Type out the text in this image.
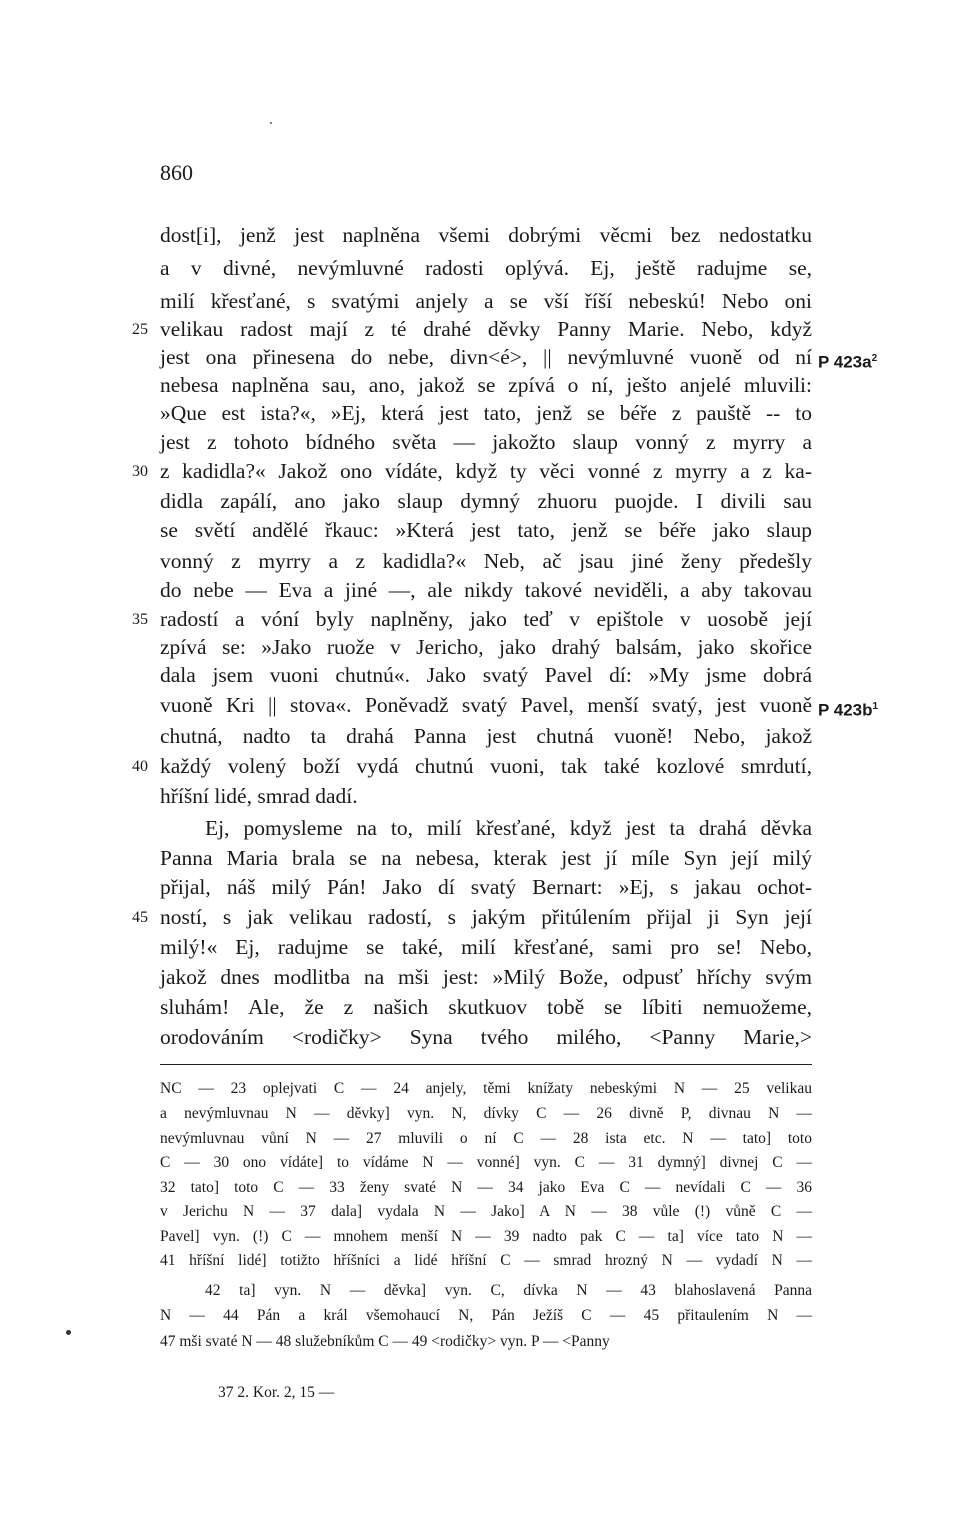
860
dost[i], jenž jest naplněna všemi dobrými věcmi bez nedostatku
a v divné, nevýmluvné radosti oplývá. Ej, ještě radujme se,
milí křesťané, s svatými anjely a se vší říší nebeskú! Nebo oni
velikau radost mají z té drahé děvky Panny Marie. Nebo, když
jest ona přinesena do nebe, divn<é>, || nevýmluvné vuoně od ní
nebesa naplněna sau, ano, jakož se zpívá o ní, ješto anjelé mluvili:
»Que est ista?«, »Ej, která jest tato, jenž se béře z pauště -- to
jest z tohoto bídného světa — jakožto slaup vonný z myrry a
z kadidla?« Jakož ono vídáte, když ty věci vonné z myrry a z ka-
didla zapálí, ano jako slaup dymný zhuoru puojde. I divili sau
se světí andělé řkauc: »Která jest tato, jenž se béře jako slaup
vonný z myrry a z kadidla?« Neb, ač jsau jiné ženy předešly
do nebe — Eva a jiné —, ale nikdy takové neviděli, a aby takovau
radostí a vóní byly naplněny, jako teď v epištole v uosobě její
zpívá se: »Jako ruože v Jericho, jako drahý balsám, jako skořice
dala jsem vuoni chutnú«. Jako svatý Pavel dí: »My jsme dobrá
vuoně Kri || stova«. Poněvadž svatý Pavel, menší svatý, jest vuoně
chutná, nadto ta drahá Panna jest chutná vuoně! Nebo, jakož
každý volený boží vydá chutnú vuoni, tak také kozlové smrdutí,
hříšní lidé, smrad dadí.
Ej, pomysleme na to, milí křesťané, když jest ta drahá děvka
Panna Maria brala se na nebesa, kterak jest jí míle Syn její milý
přijal, náš milý Pán! Jako dí svatý Bernart: »Ej, s jakau ochot-
ností, s jak velikau radostí, s jakým přitúlením přijal ji Syn její
milý!« Ej, radujme se také, milí křesťané, sami pro se! Nebo,
jakož dnes modlitba na mši jest: »Milý Bože, odpusť hříchy svým
sluhám! Ale, že z našich skutkuov tobě se líbiti nemuožeme,
orodováním <rodičky> Syna tvého milého, <Panny Marie,>
25
30
35
40
45
P $423a^2$
P $423b^1$
NC — 23 oplejvati C — 24 anjely, těmi knížaty nebeskými N — 25 velikau
a nevýmluvnau N — děvky] vyn. N, dívky C — 26 divně P, divnau N —
nevýmluvnau vůní N — 27 mluvili o ní C — 28 ista etc. N — tato] toto
C — 30 ono vídáte] to vídáme N — vonné] vyn. C — 31 dymný] divnej C —
32 tato] toto C — 33 ženy svaté N — 34 jako Eva C — nevídali C — 36
v Jerichu N — 37 dala] vydala N — Jako] A N — 38 vůle (!) vůně C —
Pavel] vyn. (!) C — mnohem menší N — 39 nadto pak C — ta] více tato N —
41 hříšní lidé] totižto hříšníci a lidé hříšní C — smrad hrozný N — vydadí N —
42 ta] vyn. N — děvka] vyn. C, dívka N — 43 blahoslavená Panna
N — 44 Pán a král všemohaucí N, Pán Ježíš C — 45 přitaulením N —
47 mši svaté N — 48 služebníkům C — 49 <rodičky> vyn. P — <Panny
37 2. Kor. 2, 15 —
